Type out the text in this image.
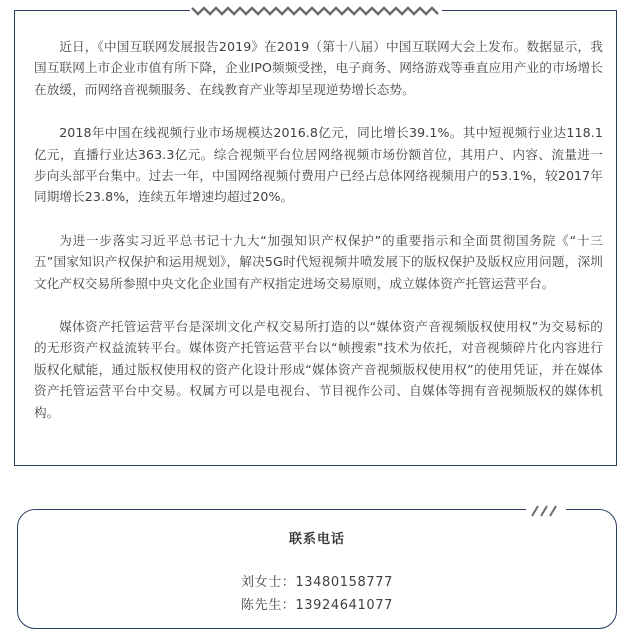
近日，《中国互联网发展报告2019》在2019（第十八届）中国互联网大会上发布。数据显示，我国互联网上市企业市值有所下降，企业IPO频频受挫，电子商务、网络游戏等垂直应用产业的市场增长在放缓，而网络音视频服务、在线教育产业等却呈现逆势增长态势。

2018年中国在线视频行业市场规模达2016.8亿元，同比增长39.1%。其中短视频行业达118.1亿元，直播行业达363.3亿元。综合视频平台位居网络视频市场份额首位，其用户、内容、流量进一步向头部平台集中。过去一年，中国网络视频付费用户已经占总体网络视频用户的53.1%，较2017年同期增长23.8%，连续五年增速均超过20%。

为进一步落实习近平总书记十九大“加强知识产权保护”的重要指示和全面贯彻国务院《“十三五”国家知识产权保护和运用规划》，解决5G时代短视频井喷发展下的版权保护及版权应用问题，深圳文化产权交易所参照中央文化企业国有产权指定进场交易原则，成立媒体资产托管运营平台。

媒体资产托管运营平台是深圳文化产权交易所打造的以“媒体资产音视频版权使用权”为交易标的的无形资产权益流转平台。媒体资产托管运营平台以“帧搜索”技术为依托，对音视频碎片化内容进行版权化赋能，通过版权使用权的资产化设计形成“媒体资产音视频版权使用权”的使用凭证，并在媒体资产托管运营平台中交易。权属方可以是电视台、节目视作公司、自媒体等拥有音视频版权的媒体机构。

联系电话
刘女士：13480158777
陈先生：13924641077
